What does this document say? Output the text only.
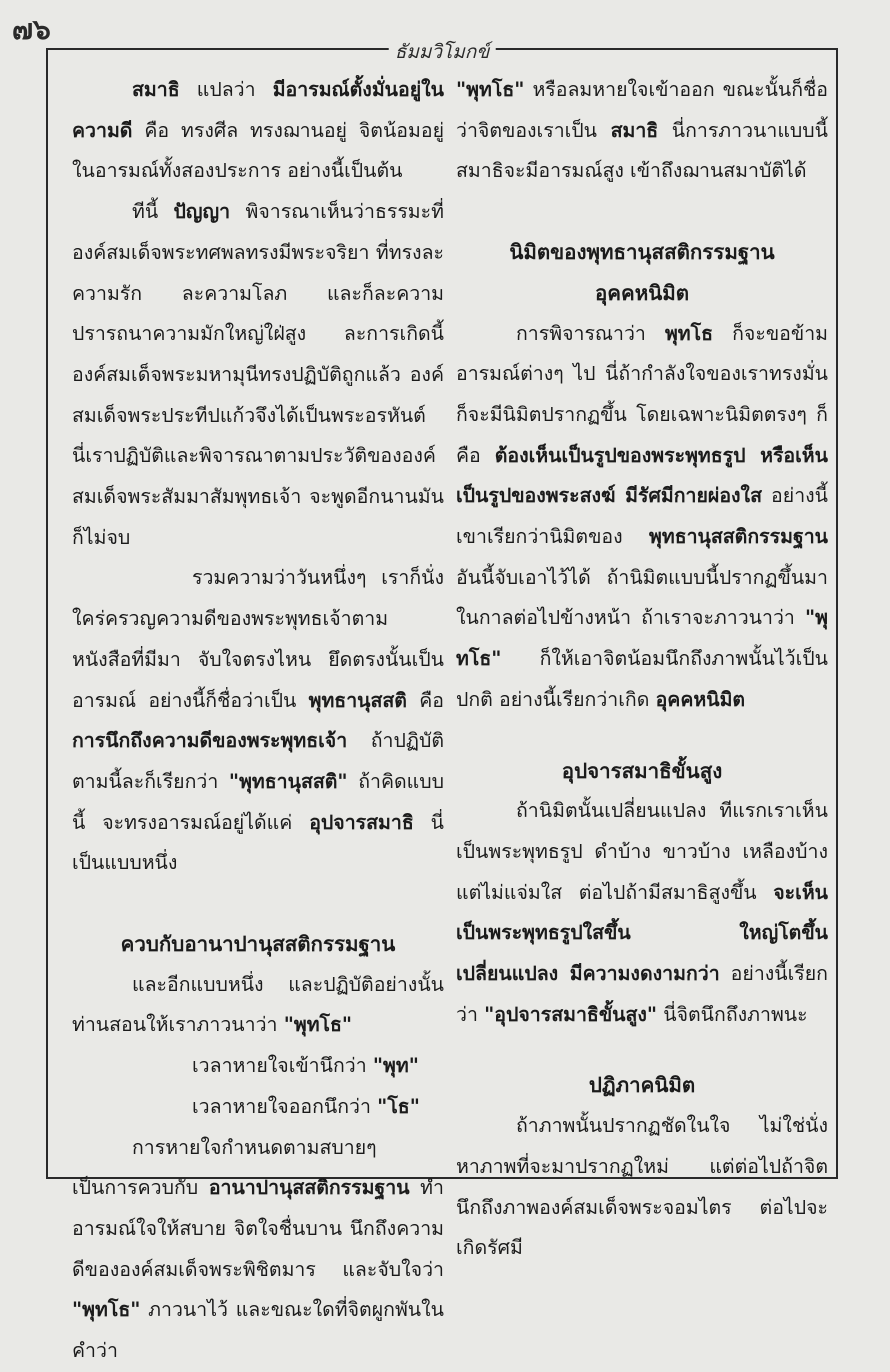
๗๖
ธัมมวิโมกข์

สมาธิ แปลว่า มีอารมณ์ตั้งมั่นอยู่ใน ความดี คือ ทรงศีล ทรงฌานอยู่ จิตน้อมอยู่ ในอารมณ์ทั้งสองประการ อย่างนี้เป็นต้น

ทีนี้ ปัญญา พิจารณาเห็นว่าธรรมะที่องค์สมเด็จพระทศพลทรงมีพระจริยา ที่ทรงละความรัก ละความโลภ และก็ละความปรารถนาความมักใหญ่ใฝ่สูง ละการเกิดนี้ องค์สมเด็จพระมหามุนีทรงปฏิบัติถูกแล้ว องค์สมเด็จพระประทีปแก้วจึงได้เป็นพระอรหันต์ นี่เราปฏิบัติและพิจารณาตามประวัติขององค์สมเด็จพระสัมมาสัมพุทธเจ้า จะพูดอีกนานมันก็ไม่จบ

รวมความว่าวันหนึ่งๆ เราก็นั่งใคร่ครวญความดีของพระพุทธเจ้าตามหนังสือที่มีมา จับใจตรงไหน ยึดตรงนั้นเป็นอารมณ์ อย่างนี้ก็ชื่อว่าเป็น พุทธานุสสติ คือ การนึกถึงความดีของพระพุทธเจ้า ถ้าปฏิบัติตามนี้ละก็เรียกว่า "พุทธานุสสติ" ถ้าคิดแบบนี้ จะทรงอารมณ์อยู่ได้แค่ อุปจารสมาธิ นี่เป็นแบบหนึ่ง

ควบกับอานาปานุสสติกรรมฐาน

และอีกแบบหนึ่ง และปฏิบัติอย่างนั้นท่านสอนให้เราภาวนาว่า "พุทโธ"

เวลาหายใจเข้านึกว่า "พุท"

เวลาหายใจออกนึกว่า "โธ"

การหายใจกำหนดตามสบายๆ เป็นการควบกับ อานาปานุสสติกรรมฐาน ทำอารมณ์ใจให้สบาย จิตใจชื่นบาน นึกถึงความดีขององค์สมเด็จพระพิชิตมาร และจับใจว่า "พุทโธ" ภาวนาไว้ และขณะใดที่จิตผูกพันในคำว่า

"พุทโธ" หรือลมหายใจเข้าออก ขณะนั้นก็ชื่อว่าจิตของเราเป็น สมาธิ นี่การภาวนาแบบนี้ สมาธิจะมีอารมณ์สูง เข้าถึงฌานสมาบัติได้

นิมิตของพุทธานุสสติกรรมฐาน

อุคคหนิมิต

การพิจารณาว่า พุทโธ ก็จะขอข้ามอารมณ์ต่างๆ ไป นี่ถ้ากำลังใจของเราทรงมั่นก็จะมีนิมิตปรากฏขึ้น โดยเฉพาะนิมิตตรงๆ ก็คือ ต้องเห็นเป็นรูปของพระพุทธรูป หรือเห็นเป็นรูปของพระสงฆ์ มีรัศมีกายผ่องใส อย่างนี้เขาเรียกว่านิมิตของ พุทธานุสสติกรรมฐาน อันนี้จับเอาไว้ได้ ถ้านิมิตแบบนี้ปรากฏขึ้นมาในกาลต่อไปข้างหน้า ถ้าเราจะภาวนาว่า "พุทโธ" ก็ให้เอาจิตน้อมนึกถึงภาพนั้นไว้เป็นปกติ อย่างนี้เรียกว่าเกิด อุคคหนิมิต

อุปจารสมาธิขั้นสูง

ถ้านิมิตนั้นเปลี่ยนแปลง ทีแรกเราเห็นเป็นพระพุทธรูป ดำบ้าง ขาวบ้าง เหลืองบ้าง แต่ไม่แจ่มใส ต่อไปถ้ามีสมาธิสูงขึ้น จะเห็นเป็นพระพุทธรูปใสขึ้น ใหญ่โตขึ้น เปลี่ยนแปลง มีความงดงามกว่า อย่างนี้เรียกว่า "อุปจารสมาธิขั้นสูง" นี่จิตนึกถึงภาพนะ

ปฏิภาคนิมิต

ถ้าภาพนั้นปรากฏชัดในใจ ไม่ใช่นั่งหาภาพที่จะมาปรากฏใหม่ แต่ต่อไปถ้าจิตนึกถึงภาพองค์สมเด็จพระจอมไตร ต่อไปจะเกิดรัศมี
